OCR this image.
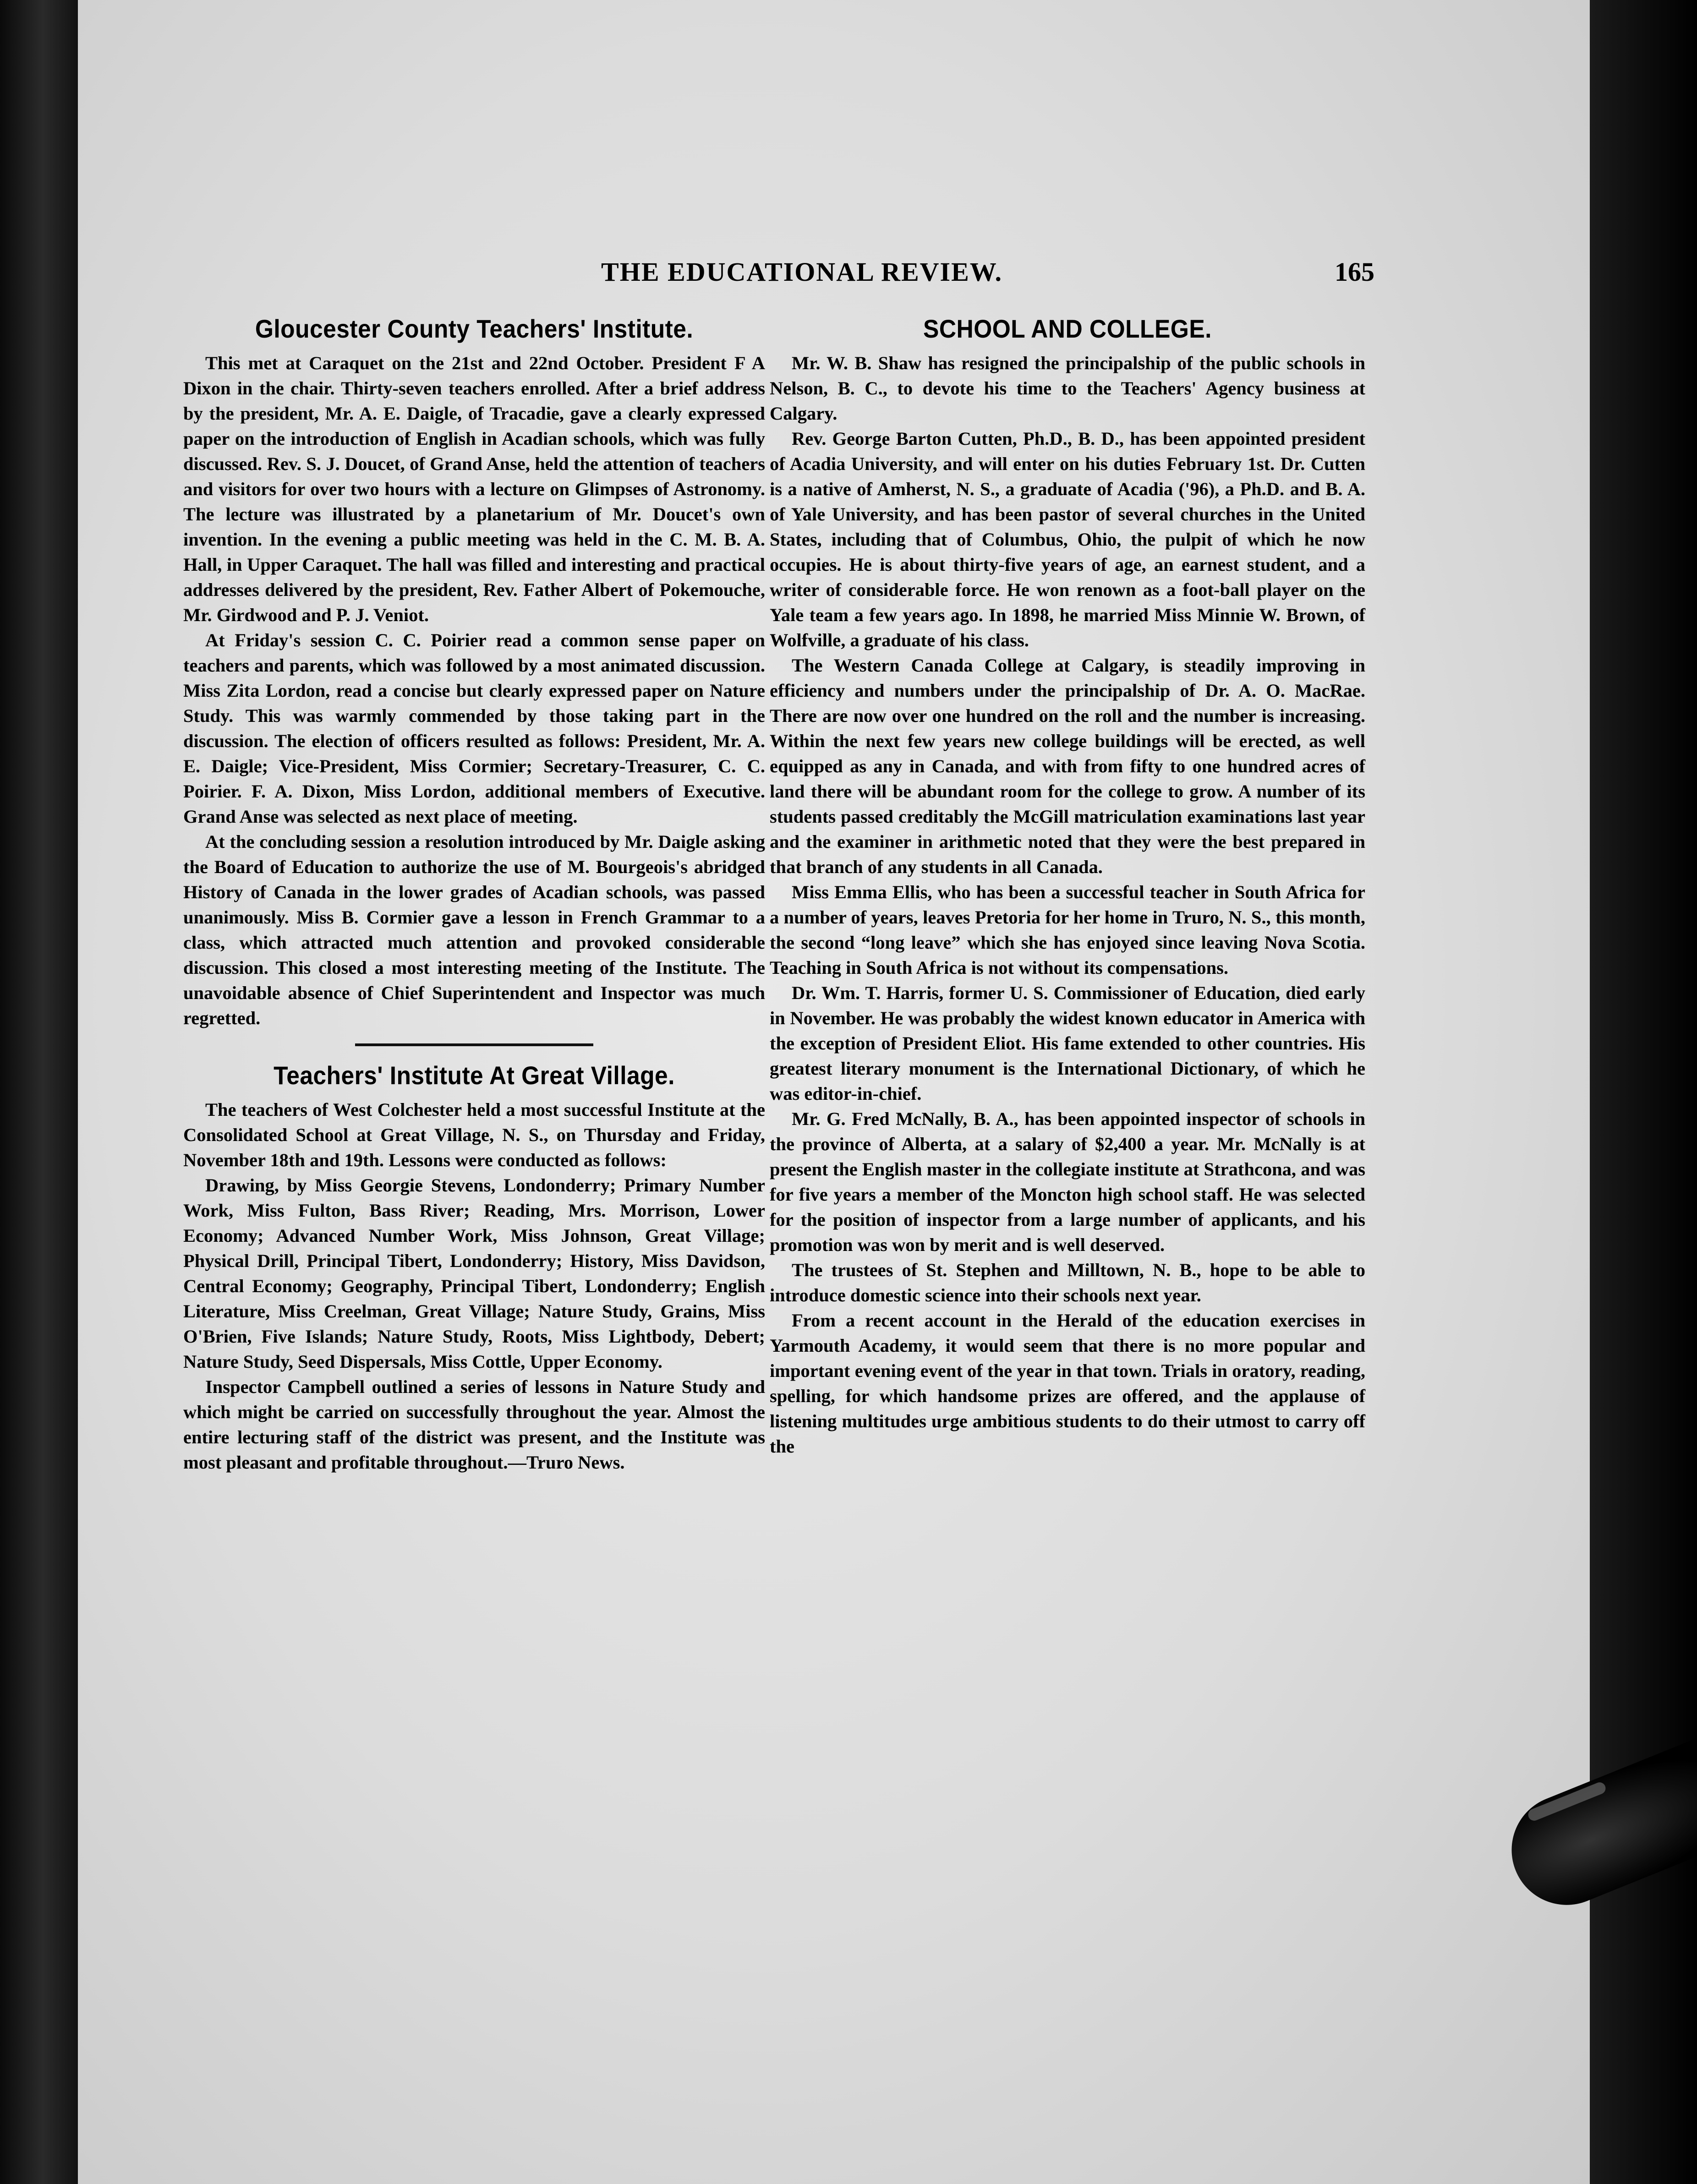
THE EDUCATIONAL REVIEW.	165
Gloucester County Teachers' Institute.

This met at Caraquet on the 21st and 22nd October. President F A Dixon in the chair. Thirty-seven teachers enrolled. After a brief address by the president, Mr. A. E. Daigle, of Tracadie, gave a clearly expressed paper on the introduction of English in Acadian schools, which was fully discussed. Rev. S. J. Doucet, of Grand Anse, held the attention of teachers and visitors for over two hours with a lecture on Glimpses of Astronomy. The lecture was illustrated by a planetarium of Mr. Doucet's own invention. In the evening a public meeting was held in the C. M. B. A. Hall, in Upper Caraquet. The hall was filled and interesting and practical addresses delivered by the president, Rev. Father Albert of Pokemouche, Mr. Girdwood and P. J. Veniot.

At Friday's session C. C. Poirier read a common sense paper on teachers and parents, which was followed by a most animated discussion. Miss Zita Lordon, read a concise but clearly expressed paper on Nature Study. This was warmly commended by those taking part in the discussion. The election of officers resulted as follows: President, Mr. A. E. Daigle; Vice-President, Miss Cormier; Secretary-Treasurer, C. C. Poirier. F. A. Dixon, Miss Lordon, additional members of Executive. Grand Anse was selected as next place of meeting.

At the concluding session a resolution introduced by Mr. Daigle asking the Board of Education to authorize the use of M. Bourgeois's abridged History of Canada in the lower grades of Acadian schools, was passed unanimously. Miss B. Cormier gave a lesson in French Grammar to a class, which attracted much attention and provoked considerable discussion. This closed a most interesting meeting of the Institute. The unavoidable absence of Chief Superintendent and Inspector was much regretted.

Teachers' Institute At Great Village.

The teachers of West Colchester held a most successful Institute at the Consolidated School at Great Village, N. S., on Thursday and Friday, November 18th and 19th. Lessons were conducted as follows:

Drawing, by Miss Georgie Stevens, Londonderry; Primary Number Work, Miss Fulton, Bass River; Reading, Mrs. Morrison, Lower Economy; Advanced Number Work, Miss Johnson, Great Village; Physical Drill, Principal Tibert, Londonderry; History, Miss Davidson, Central Economy; Geography, Principal Tibert, Londonderry; English Literature, Miss Creelman, Great Village; Nature Study, Grains, Miss O'Brien, Five Islands; Nature Study, Roots, Miss Lightbody, Debert; Nature Study, Seed Dispersals, Miss Cottle, Upper Economy.

Inspector Campbell outlined a series of lessons in Nature Study and which might be carried on successfully throughout the year. Almost the entire lecturing staff of the district was present, and the Institute was most pleasant and profitable throughout.—Truro News.

SCHOOL AND COLLEGE.

Mr. W. B. Shaw has resigned the principalship of the public schools in Nelson, B. C., to devote his time to the Teachers' Agency business at Calgary.

Rev. George Barton Cutten, Ph.D., B. D., has been appointed president of Acadia University, and will enter on his duties February 1st. Dr. Cutten is a native of Amherst, N. S., a graduate of Acadia ('96), a Ph.D. and B. A. of Yale University, and has been pastor of several churches in the United States, including that of Columbus, Ohio, the pulpit of which he now occupies. He is about thirty-five years of age, an earnest student, and a writer of considerable force. He won renown as a foot-ball player on the Yale team a few years ago. In 1898, he married Miss Minnie W. Brown, of Wolfville, a graduate of his class.

The Western Canada College at Calgary, is steadily improving in efficiency and numbers under the principalship of Dr. A. O. MacRae. There are now over one hundred on the roll and the number is increasing. Within the next few years new college buildings will be erected, as well equipped as any in Canada, and with from fifty to one hundred acres of land there will be abundant room for the college to grow. A number of its students passed creditably the McGill matriculation examinations last year and the examiner in arithmetic noted that they were the best prepared in that branch of any students in all Canada.

Miss Emma Ellis, who has been a successful teacher in South Africa for a number of years, leaves Pretoria for her home in Truro, N. S., this month, the second “long leave” which she has enjoyed since leaving Nova Scotia. Teaching in South Africa is not without its compensations.

Dr. Wm. T. Harris, former U. S. Commissioner of Education, died early in November. He was probably the widest known educator in America with the exception of President Eliot. His fame extended to other countries. His greatest literary monument is the International Dictionary, of which he was editor-in-chief.

Mr. G. Fred McNally, B. A., has been appointed inspector of schools in the province of Alberta, at a salary of $2,400 a year. Mr. McNally is at present the English master in the collegiate institute at Strathcona, and was for five years a member of the Moncton high school staff. He was selected for the position of inspector from a large number of applicants, and his promotion was won by merit and is well deserved.

The trustees of St. Stephen and Milltown, N. B., hope to be able to introduce domestic science into their schools next year.

From a recent account in the Herald of the education exercises in Yarmouth Academy, it would seem that there is no more popular and important evening event of the year in that town. Trials in oratory, reading, spelling, for which handsome prizes are offered, and the applause of listening multitudes urge ambitious students to do their utmost to carry off the
